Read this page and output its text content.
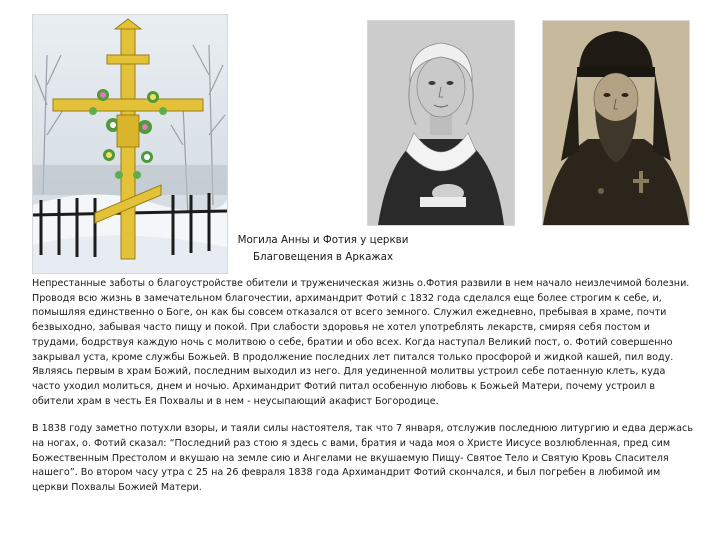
Могила Анны и Фотия у церкви
Благовещения в Аркажах
Непрестанные заботы о благоустройстве обители и труженическая жизнь о.Фотия развили в нем начало неизлечимой болезни.
Проводя всю жизнь в замечательном благочестии, архимандрит Фотий с 1832 года сделался еще более строгим к себе, и,
помышляя единственно о Боге, он как бы совсем отказался от всего земного. Служил ежедневно, пребывая в храме, почти
безвыходно, забывая часто пищу и покой. При слабости здоровья не хотел употреблять лекарств, смиряя себя постом и
трудами, бодрствуя каждую ночь с молитвою о себе, братии и обо всех. Когда наступал Великий пост, о. Фотий совершенно
закрывал уста, кроме службы Божьей. В продолжение последних лет питался только просфорой и жидкой кашей, пил воду.
Являясь первым в храм Божий, последним выходил из него. Для уединенной молитвы устроил себе потаенную клеть, куда
часто уходил молиться, днем и ночью. Архимандрит Фотий питал особенную любовь к Божьей Матери, почему устроил в
обители храм в честь Ея Похвалы и в нем - неусыпающий акафист Богородице.
В 1838 году заметно потухли взоры, и таяли силы настоятеля, так что 7 января, отслужив последнюю литургию и едва держась
на ногах, о. Фотий сказал: “Последний раз стою я здесь с вами, братия и чада моя о Христе Иисусе возлюбленная, пред сим
Божественным Престолом и вкушаю на земле сию и Ангелами не вкушаемую Пищу- Святое Тело и Святую Кровь Спасителя
нашего”. Во втором часу утра с 25 на 26 февраля 1838 года Архимандрит Фотий скончался, и был погребен в любимой им
церкви Похвалы Божией Матери.
